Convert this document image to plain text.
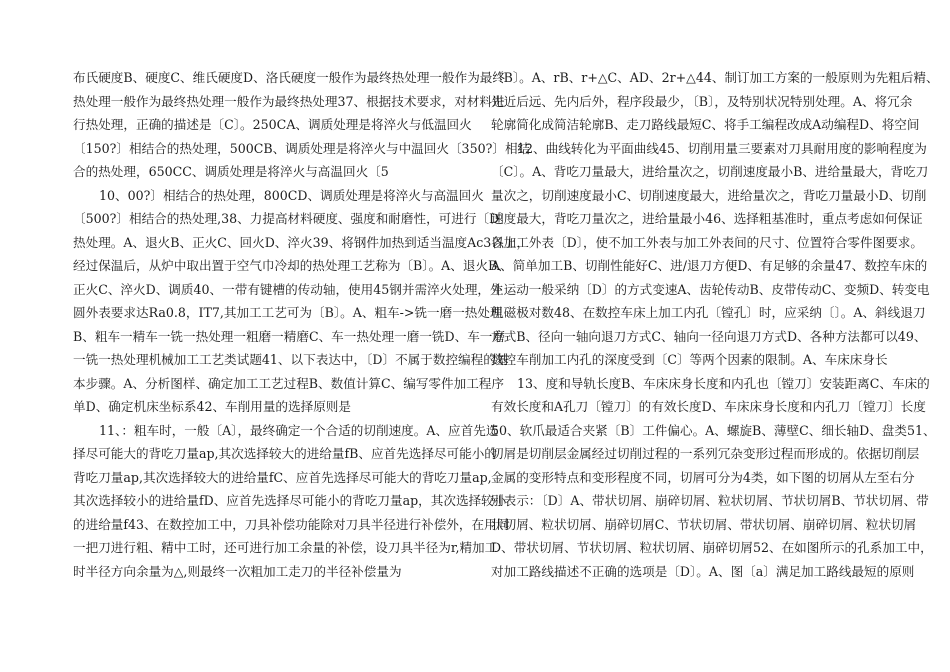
布氏硬度B、硬度C、维氏硬度D、洛氏硬度一般作为最终热处理一般作为最终
热处理一般作为最终热处理一般作为最终热处理37、根据技术要求，对材料进
行热处理，正确的描述是〔C〕。250CA、调质处理是将淬火与低温回火
〔150?〕相结合的热处理，500CB、调质处理是将淬火与中温回火〔350?〕相结
合的热处理，650CC、调质处理是将淬火与高温回火〔5
10、00?〕相结合的热处理，800CD、调质处理是将淬火与高温回火
〔500?〕相结合的热处理,38、力提高材料硬度、强度和耐磨性，可进行〔D〕
热处理。A、退火B、正火C、回火D、淬火39、将钢件加热到适当温度Ac3以上，
经过保温后，从炉中取出置于空气巾冷却的热处理工艺称为〔B〕。A、退火B、
正火C、淬火D、调质40、一带有键槽的传动轴，使用45钢并需淬火处理，外
圆外表要求达Ra0.8，IT7,其加工工艺可为〔B〕。A、粗车->铣一磨一热处理
B、粗车一精车一铣一热处理一粗磨一精磨C、车一热处理一磨一铣D、车一磨
一铣一热处理机械加工工艺类试题41、以下表达中，〔D〕不属于数控编程的基
本步骤。A、分析图样、确定加工工艺过程B、数值计算C、编写零件加工程序
单D、确定机床坐标系42、车削用量的选择原则是
11、：粗车时，一般〔A〕，最终确定一个合适的切削速度。A、应首先选
择尽可能大的背吃刀量ap,其次选择较大的进给量fB、应首先选择尽可能小的
背吃刀量ap,其次选择较大的进给量fC、应首先选择尽可能大的背吃刀量ap,
其次选择较小的进给量fD、应首先选择尽可能小的背吃刀量ap，其次选择较小
的进给量f43、在数控加工中，刀具补偿功能除对刀具半径进行补偿外，在用同
一把刀进行粗、精中工时，还可进行加工余量的补偿，设刀具半径为r,精加工
时半径方向余量为△,则最终一次粗加工走刀的半径补偿量为
〔B〕。A、rB、r+△C、AD、2r+△44、制订加工方案的一般原则为先粗后精、
先近后远、先内后外，程序段最少，〔B〕，及特别状况特别处理。A、将冗余
轮廓简化成简洁轮廓B、走刀路线最短C、将手工编程改成A动编程D、将空间
12、曲线转化为平面曲线45、切削用量三要素对刀具耐用度的影响程度为
〔C〕。A、背吃刀量最大，进给量次之，切削速度最小B、进给量最大，背吃刀
量次之，切削速度最小C、切削速度最大，进给量次之，背吃刀量最小D、切削
速度最大，背吃刀量次之，进给量最小46、选择粗基准时，重点考虑如何保证
各加工外表〔D〕，使不加工外表与加工外表间的尺寸、位置符合零件图要求。
A、简单加工B、切削性能好C、进/退刀方便D、有足够的余量47、数控车床的
主运动一般采纳〔D〕的方式变速A、齿轮传动B、皮带传动C、变频D、转变电
机磁极对数48、在数控车床上加工内孔〔镗孔〕时，应采纳〔〕。A、斜线退刀
方式B、径向一轴向退刀方式C、轴向一径向退刀方式D、各种方法都可以49、
数控车削加工内孔的深度受到〔C〕等两个因素的限制。A、车床床身长
13、度和导轨长度B、车床床身长度和内孔也〔镗刀〕安装距离C、车床的
有效长度和A孔刀〔镗刀〕的有效长度D、车床床身长度和内孔刀〔镗刀〕长度
50、软爪最适合夹紧〔B〕工件偏心。A、螺旋B、薄壁C、细长轴D、盘类51、
切屑是切削层金属经过切削过程的一系列冗杂变形过程而形成的。依据切削层
金属的变形特点和变形程度不同，切屑可分为4类，如下图的切屑从左至右分
别表示：〔D〕A、带状切屑、崩碎切屑、粒状切屑、节状切屑B、节状切屑、带
状切屑、粒状切屑、崩碎切屑C、节状切屑、带状切屑、崩碎切屑、粒状切屑
D、带状切屑、节状切屑、粒状切屑、崩碎切屑52、在如图所示的孔系加工中，
对加工路线描述不正确的选项是〔D〕。A、图〔a〕满足加工路线最短的原则
